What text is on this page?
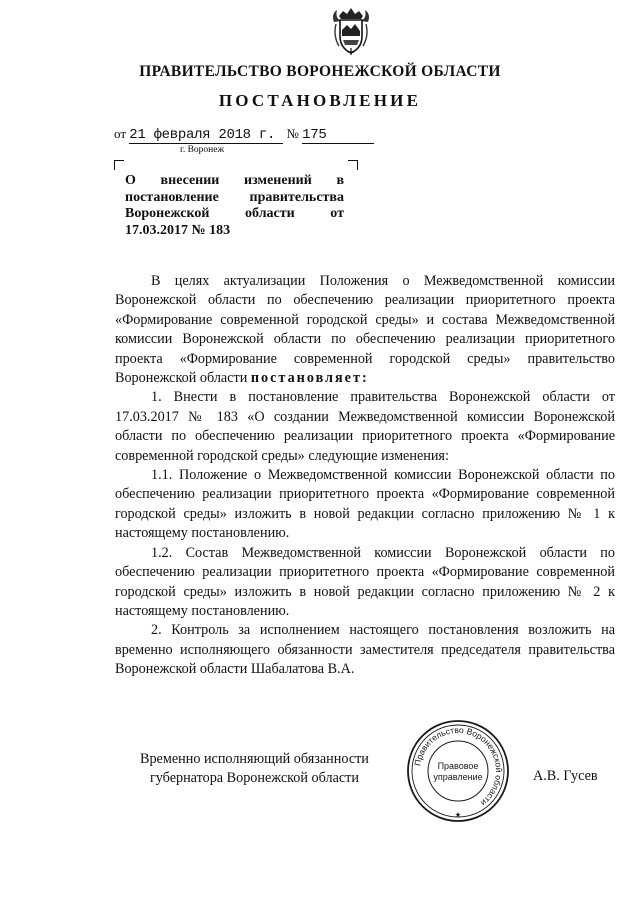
ПРАВИТЕЛЬСТВО ВОРОНЕЖСКОЙ ОБЛАСТИ
ПОСТАНОВЛЕНИЕ
от 21 февраля 2018 г. № 175
г. Воронеж
О внесении изменений в постановление правительства Воронежской области от 17.03.2017 № 183

В целях актуализации Положения о Межведомственной комиссии Воронежской области по обеспечению реализации приоритетного проекта «Формирование современной городской среды» и состава Межведомственной комиссии Воронежской области по обеспечению реализации приоритетного проекта «Формирование современной городской среды» правительство Воронежской области постановляет:

1. Внести в постановление правительства Воронежской области от 17.03.2017 № 183 «О создании Межведомственной комиссии Воронежской области по обеспечению реализации приоритетного проекта «Формирование современной городской среды» следующие изменения:

1.1. Положение о Межведомственной комиссии Воронежской области по обеспечению реализации приоритетного проекта «Формирование современной городской среды» изложить в новой редакции согласно приложению № 1 к настоящему постановлению.

1.2. Состав Межведомственной комиссии Воронежской области по обеспечению реализации приоритетного проекта «Формирование современной городской среды» изложить в новой редакции согласно приложению № 2 к настоящему постановлению.

2. Контроль за исполнением настоящего постановления возложить на временно исполняющего обязанности заместителя председателя правительства Воронежской области Шабалатова В.А.

Временно исполняющий обязанности
губернатора Воронежской области
Правительство Воронежской области
Правовое
управление
★
А.В. Гусев
